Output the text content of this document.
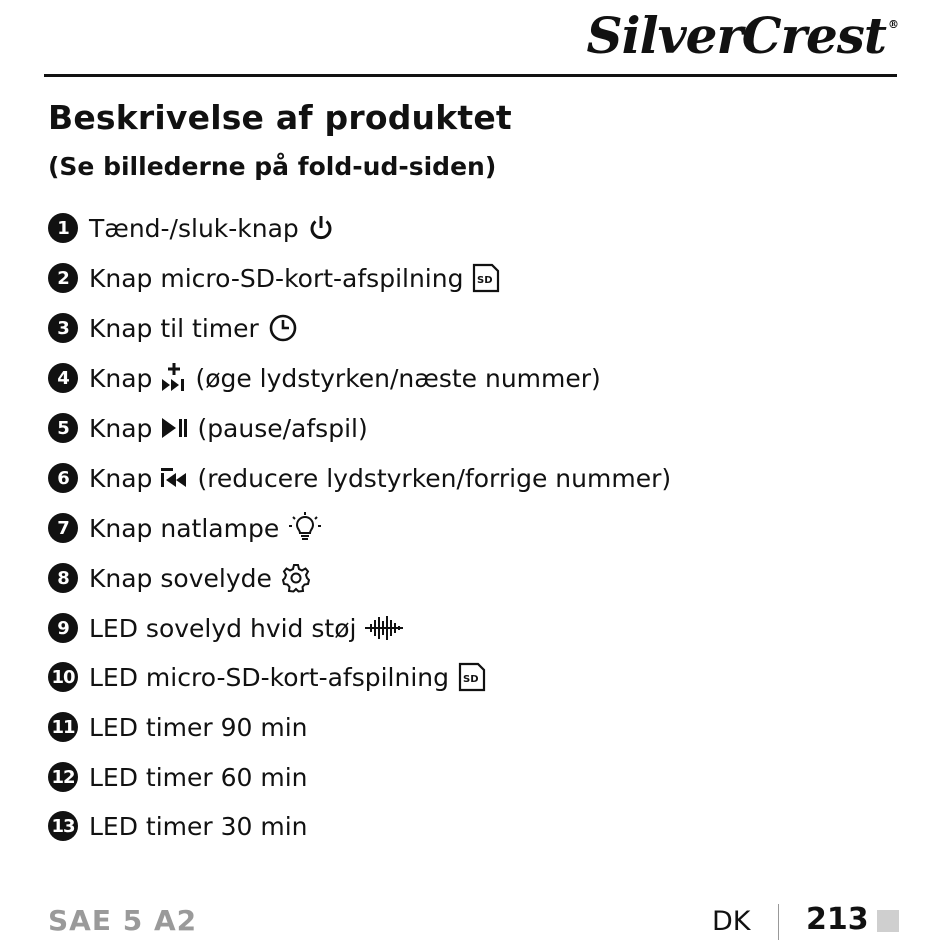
SilverCrest ®
Beskrivelse af produktet
(Se billederne på fold-ud-siden)
1 Tænd-/sluk-knap
2 Knap micro-SD-kort-afspilning SD
3 Knap til timer
4 Knap (øge lydstyrken/næste nummer)
5 Knap (pause/afspil)
6 Knap (reducere lydstyrken/forrige nummer)
7 Knap natlampe
8 Knap sovelyde
9 LED sovelyd hvid støj
10 LED micro-SD-kort-afspilning SD
11 LED timer 90 min
12 LED timer 60 min
13 LED timer 30 min
SAE 5 A2	DK 213
